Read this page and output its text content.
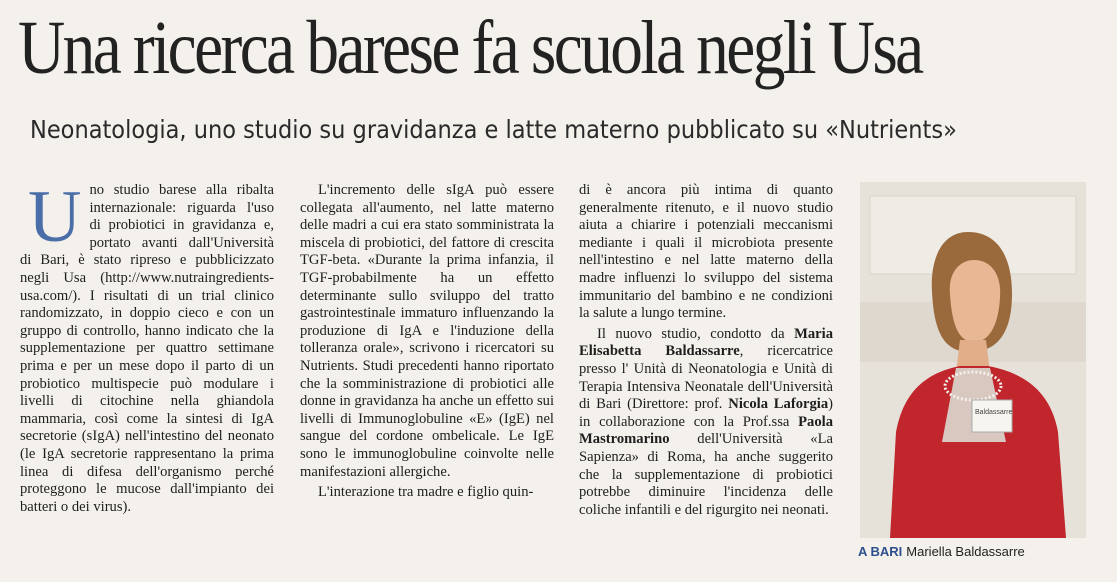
Una ricerca barese fa scuola negli Usa
Neonatologia, uno studio su gravidanza e latte materno pubblicato su «Nutrients»

Uno studio barese alla ribalta internazionale: riguarda l'uso di probiotici in gravidanza e, portato avanti dall'Università di Bari, è stato ripreso e pubblicizzato negli Usa (http://www.nutraingredients-usa.com/). I risultati di un trial clinico randomizzato, in doppio cieco e con un gruppo di controllo, hanno indicato che la supplementazione per quattro settimane prima e per un mese dopo il parto di un probiotico multispecie può modulare i livelli di citochine nella ghiandola mammaria, così come la sintesi di IgA secretorie (sIgA) nell'intestino del neonato (le IgA secretorie rappresentano la prima linea di difesa dell'organismo perché proteggono le mucose dall'impianto dei batteri o dei virus).

L'incremento delle sIgA può essere collegata all'aumento, nel latte materno delle madri a cui era stato somministrata la miscela di probiotici, del fattore di crescita TGF-beta. «Durante la prima infanzia, il TGF-probabilmente ha un effetto determinante sullo sviluppo del tratto gastrointestinale immaturo influenzando la produzione di IgA e l'induzione della tolleranza orale», scrivono i ricercatori su Nutrients. Studi precedenti hanno riportato che la somministrazione di probiotici alle donne in gravidanza ha anche un effetto sui livelli di Immunoglobuline «E» (IgE) nel sangue del cordone ombelicale. Le IgE sono le immunoglobuline coinvolte nelle manifestazioni allergiche.

L'interazione tra madre e figlio quin-

di è ancora più intima di quanto generalmente ritenuto, e il nuovo studio aiuta a chiarire i potenziali meccanismi mediante i quali il microbiota presente nell'intestino e nel latte materno della madre influenzi lo sviluppo del sistema immunitario del bambino e ne condizioni la salute a lungo termine.

Il nuovo studio, condotto da Maria Elisabetta Baldassarre, ricercatrice presso l' Unità di Neonatologia e Unità di Terapia Intensiva Neonatale dell'Università di Bari (Direttore: prof. Nicola Laforgia) in collaborazione con la Prof.ssa Paola Mastromarino dell'Università «La Sapienza» di Roma, ha anche suggerito che la supplementazione di probiotici potrebbe diminuire l'incidenza delle coliche infantili e del rigurgito nei neonati.

Baldassarre
A BARI Mariella Baldassarre
